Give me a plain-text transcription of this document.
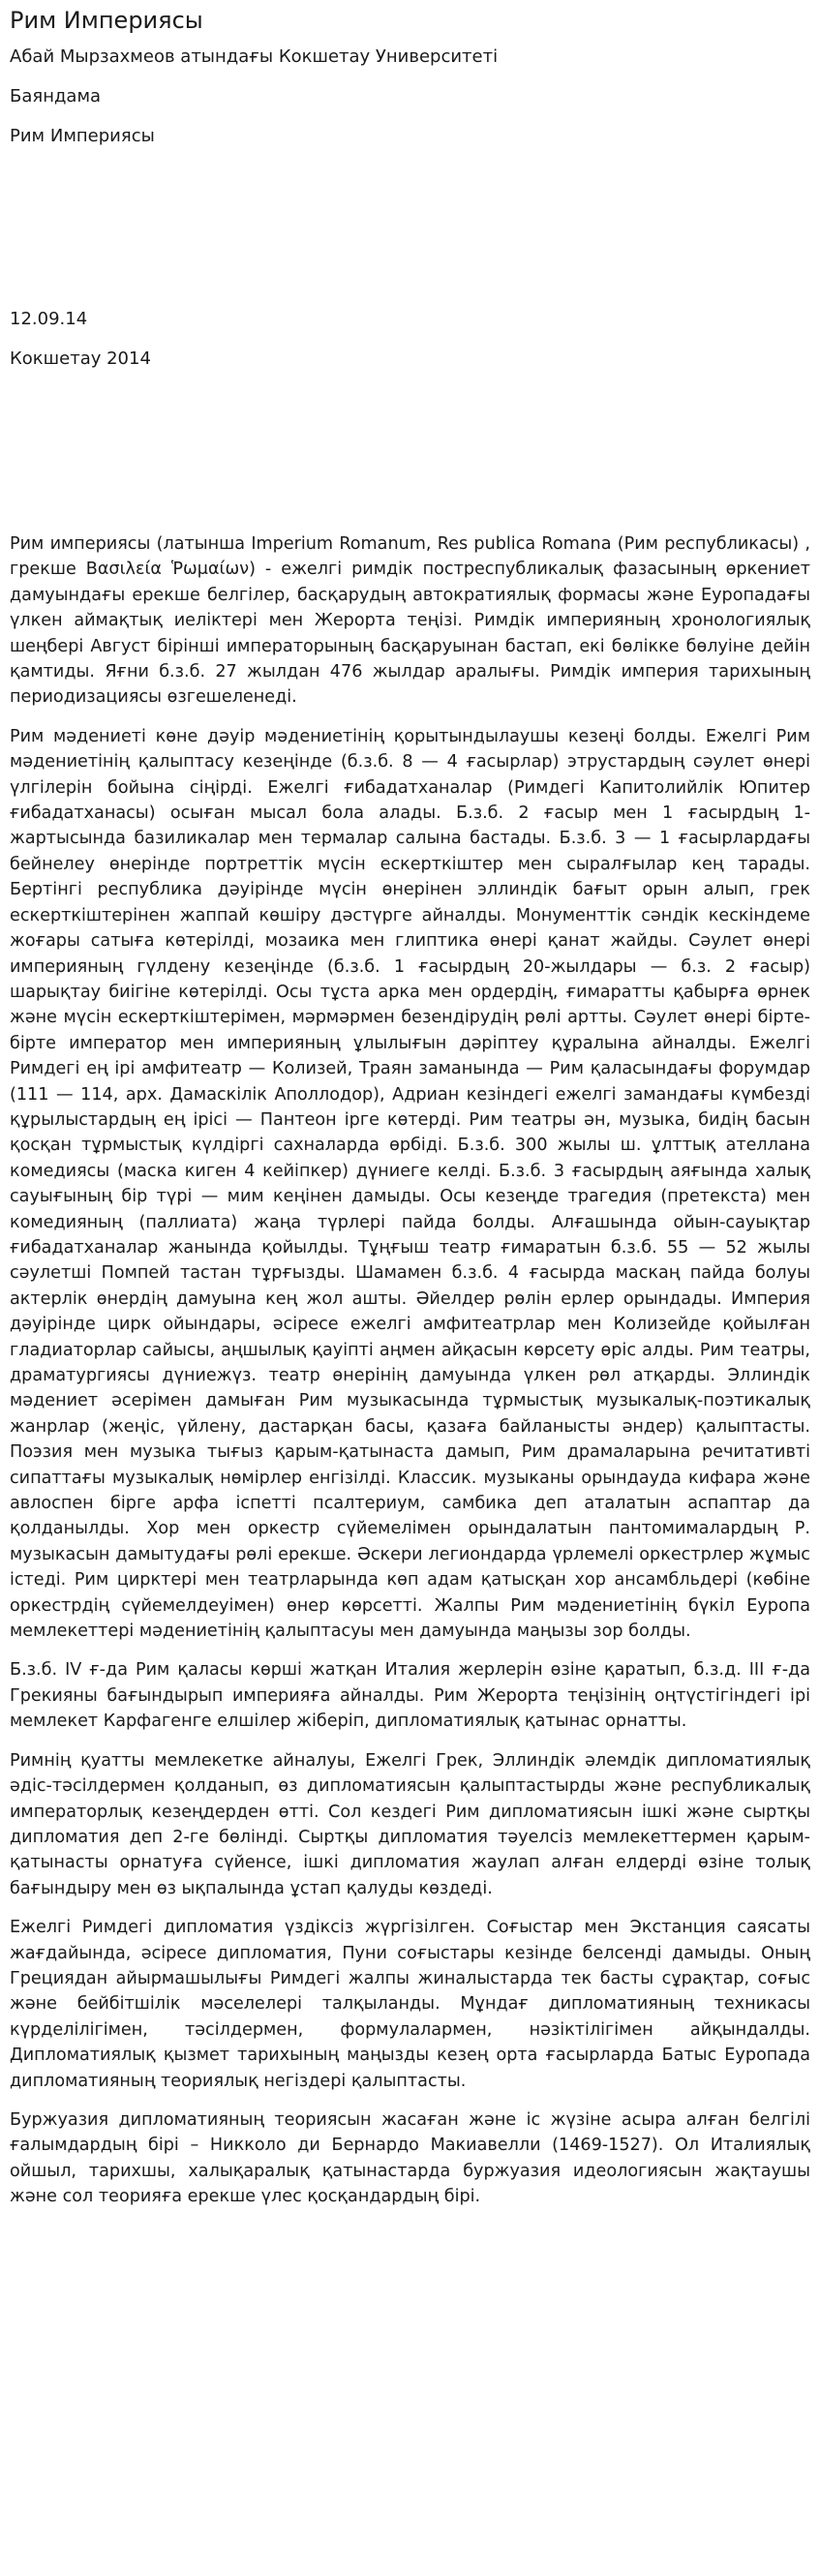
Рим Империясы

Абай Мырзахмеов атындағы Кокшетау Университеті

Баяндама

Рим Империясы

12.09.14

Кокшетау 2014

Рим империясы (латынша Imperium Romanum, Res publica Romana (Рим республикасы) , грекше Βασιλεία Ῥωμαίων) - ежелгі римдік постреспубликалық фазасының өркениет дамуындағы ерекше белгілер, басқарудың автократиялық формасы және Еуропадағы үлкен аймақтық иеліктері мен Жерорта теңізі. Римдік империяның хронологиялық шеңбері Август бірінші императорының басқаруынан бастап, екі бөлікке бөлуіне дейін қамтиды. Яғни б.з.б. 27 жылдан 476 жылдар аралығы. Римдік империя тарихының периодизациясы өзгешеленеді.

Рим мәдениеті көне дәуір мәдениетінің қорытындылаушы кезеңі болды. Ежелгі Рим мәдениетінің қалыптасу кезеңінде (б.з.б. 8 — 4 ғасырлар) этрустардың сәулет өнері үлгілерін бойына сіңірді. Ежелгі ғибадатханалар (Римдегі Капитолийлік Юпитер ғибадатханасы) осыған мысал бола алады. Б.з.б. 2 ғасыр мен 1 ғасырдың 1-жартысында базиликалар мен термалар салына бастады. Б.з.б. 3 — 1 ғасырлардағы бейнелеу өнерінде портреттік мүсін ескерткіштер мен сыралғылар кең тарады. Бертінгі республика дәуірінде мүсін өнерінен эллиндік бағыт орын алып, грек ескерткіштерінен жаппай көшіру дәстүрге айналды. Монументтік сәндік кескіндеме жоғары сатыға көтерілді, мозаика мен глиптика өнері қанат жайды. Сәулет өнері империяның гүлдену кезеңінде (б.з.б. 1 ғасырдың 20-жылдары — б.з. 2 ғасыр) шарықтау биігіне көтерілді. Осы тұста арка мен ордердің, ғимаратты қабырға өрнек және мүсін ескерткіштерімен, мәрмәрмен безендірудің рөлі артты. Сәулет өнері бірте-бірте император мен империяның ұлылығын дәріптеу құралына айналды. Ежелгі Римдегі ең ірі амфитеатр — Колизей, Траян заманында — Рим қаласындағы форумдар (111 — 114, арх. Дамаскілік Аполлодор), Адриан кезіндегі ежелгі замандағы күмбезді құрылыстардың ең ірісі — Пантеон ірге көтерді. Рим театры ән, музыка, бидің басын қосқан тұрмыстық күлдіргі сахналарда өрбіді. Б.з.б. 300 жылы ш. ұлттық ателлана комедиясы (маска киген 4 кейіпкер) дүниеге келді. Б.з.б. 3 ғасырдың аяғында халық сауығының бір түрі — мим кеңінен дамыды. Осы кезеңде трагедия (претекста) мен комедияның (паллиата) жаңа түрлері пайда болды. Алғашында ойын-сауықтар ғибадатханалар жанында қойылды. Тұңғыш театр ғимаратын б.з.б. 55 — 52 жылы сәулетші Помпей тастан тұрғызды. Шамамен б.з.б. 4 ғасырда маскаң пайда болуы актерлік өнердің дамуына кең жол ашты. Әйелдер рөлін ерлер орындады. Империя дәуірінде цирк ойындары, әсіресе ежелгі амфитеатрлар мен Колизейде қойылған гладиаторлар сайысы, аңшылық қауіпті аңмен айқасын көрсету өріс алды. Рим театры, драматургиясы дүниежүз. театр өнерінің дамуында үлкен рөл атқарды. Эллиндік мәдениет әсерімен дамыған Рим музыкасында тұрмыстық музыкалық-поэтикалық жанрлар (жеңіс, үйлену, дастарқан басы, қазаға байланысты әндер) қалыптасты. Поэзия мен музыка тығыз қарым-қатынаста дамып, Рим драмаларына речитативті сипаттағы музыкалық нөмірлер енгізілді. Классик. музыканы орындауда кифара және авлоспен бірге арфа іспетті псалтериум, самбика деп аталатын аспаптар да қолданылды. Хор мен оркестр сүйемелімен орындалатын пантомималардың Р. музыкасын дамытудағы рөлі ерекше. Әскери легиондарда үрлемелі оркестрлер жұмыс істеді. Рим цирктері мен театрларында көп адам қатысқан хор ансамбльдері (көбіне оркестрдің сүйемелдеуімен) өнер көрсетті. Жалпы Рим мәдениетінің бүкіл Еуропа мемлекеттері мәдениетінің қалыптасуы мен дамуында маңызы зор болды.

Б.з.б. IV ғ-да Рим қаласы көрші жатқан Италия жерлерін өзіне қаратып, б.з.д. III ғ-да Грекияны бағындырып империяға айналды. Рим Жерорта теңізінің оңтүстігіндегі ірі мемлекет Карфагенге елшілер жіберіп, дипломатиялық қатынас орнатты.

Римнің қуатты мемлекетке айналуы, Ежелгі Грек, Эллиндік әлемдік дипломатиялық әдіс-тәсілдермен қолданып, өз дипломатиясын қалыптастырды және республикалық императорлық кезеңдерден өтті. Сол кездегі Рим дипломатиясын ішкі және сыртқы дипломатия деп 2-ге бөлінді. Сыртқы дипломатия тәуелсіз мемлекеттермен қарым-қатынасты орнатуға сүйенсе, ішкі дипломатия жаулап алған елдерді өзіне толық бағындыру мен өз ықпалында ұстап қалуды көздеді.

Ежелгі Римдегі дипломатия үздіксіз жүргізілген. Соғыстар мен Экстанция саясаты жағдайында, әсіресе дипломатия, Пуни соғыстары кезінде белсенді дамыды. Оның Грециядан айырмашылығы Римдегі жалпы жиналыстарда тек басты сұрақтар, соғыс және бейбітшілік мәселелері талқыланды. Мұндағ дипломатияның техникасы күрделілігімен, тәсілдермен, формулалармен, нәзіктілігімен айқындалды. Дипломатиялық қызмет тарихының маңызды кезең орта ғасырларда Батыс Еуропада дипломатияның теориялық негіздері қалыптасты.

Буржуазия дипломатияның теориясын жасаған және іс жүзіне асыра алған белгілі ғалымдардың бірі – Никколо ди Бернардо Макиавелли (1469-1527). Ол Италиялық ойшыл, тарихшы, халықаралық қатынастарда буржуазия идеологиясын жақтаушы және сол теорияға ерекше үлес қосқандардың бірі.
